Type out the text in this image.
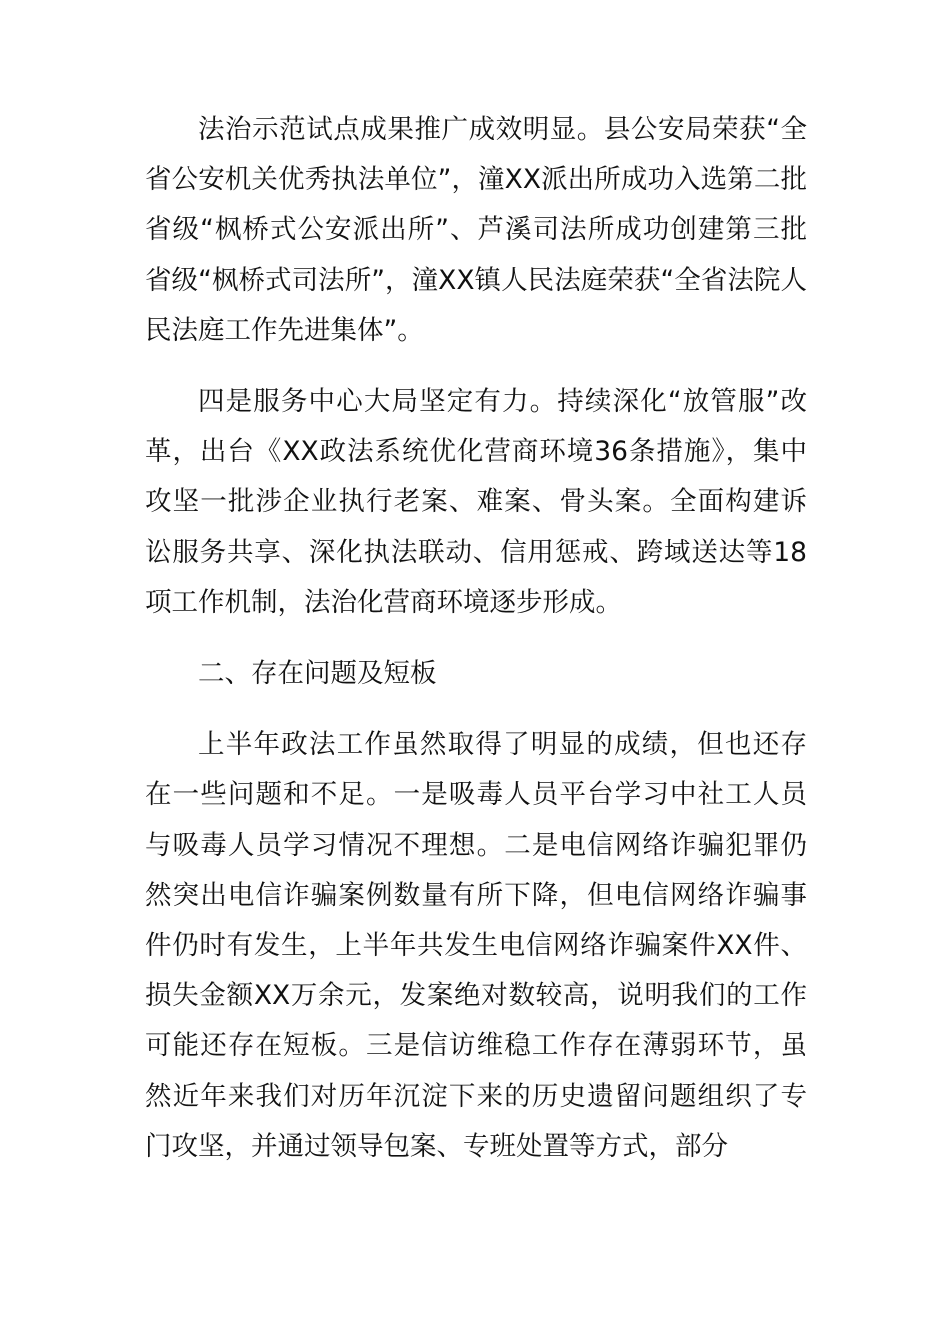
法治示范试点成果推广成效明显。县公安局荣获“全省公安机关优秀执法单位”，潼XX派出所成功入选第二批省级“枫桥式公安派出所”、芦溪司法所成功创建第三批省级“枫桥式司法所”，潼XX镇人民法庭荣获“全省法院人民法庭工作先进集体”。

四是服务中心大局坚定有力。持续深化“放管服”改革，出台《XX政法系统优化营商环境36条措施》，集中攻坚一批涉企业执行老案、难案、骨头案。全面构建诉讼服务共享、深化执法联动、信用惩戒、跨域送达等18项工作机制，法治化营商环境逐步形成。

二、存在问题及短板

上半年政法工作虽然取得了明显的成绩，但也还存在一些问题和不足。一是吸毒人员平台学习中社工人员与吸毒人员学习情况不理想。二是电信网络诈骗犯罪仍然突出电信诈骗案例数量有所下降，但电信网络诈骗事件仍时有发生，上半年共发生电信网络诈骗案件XX件、损失金额XX万余元，发案绝对数较高，说明我们的工作可能还存在短板。三是信访维稳工作存在薄弱环节，虽然近年来我们对历年沉淀下来的历史遗留问题组织了专门攻坚，并通过领导包案、专班处置等方式，部分
